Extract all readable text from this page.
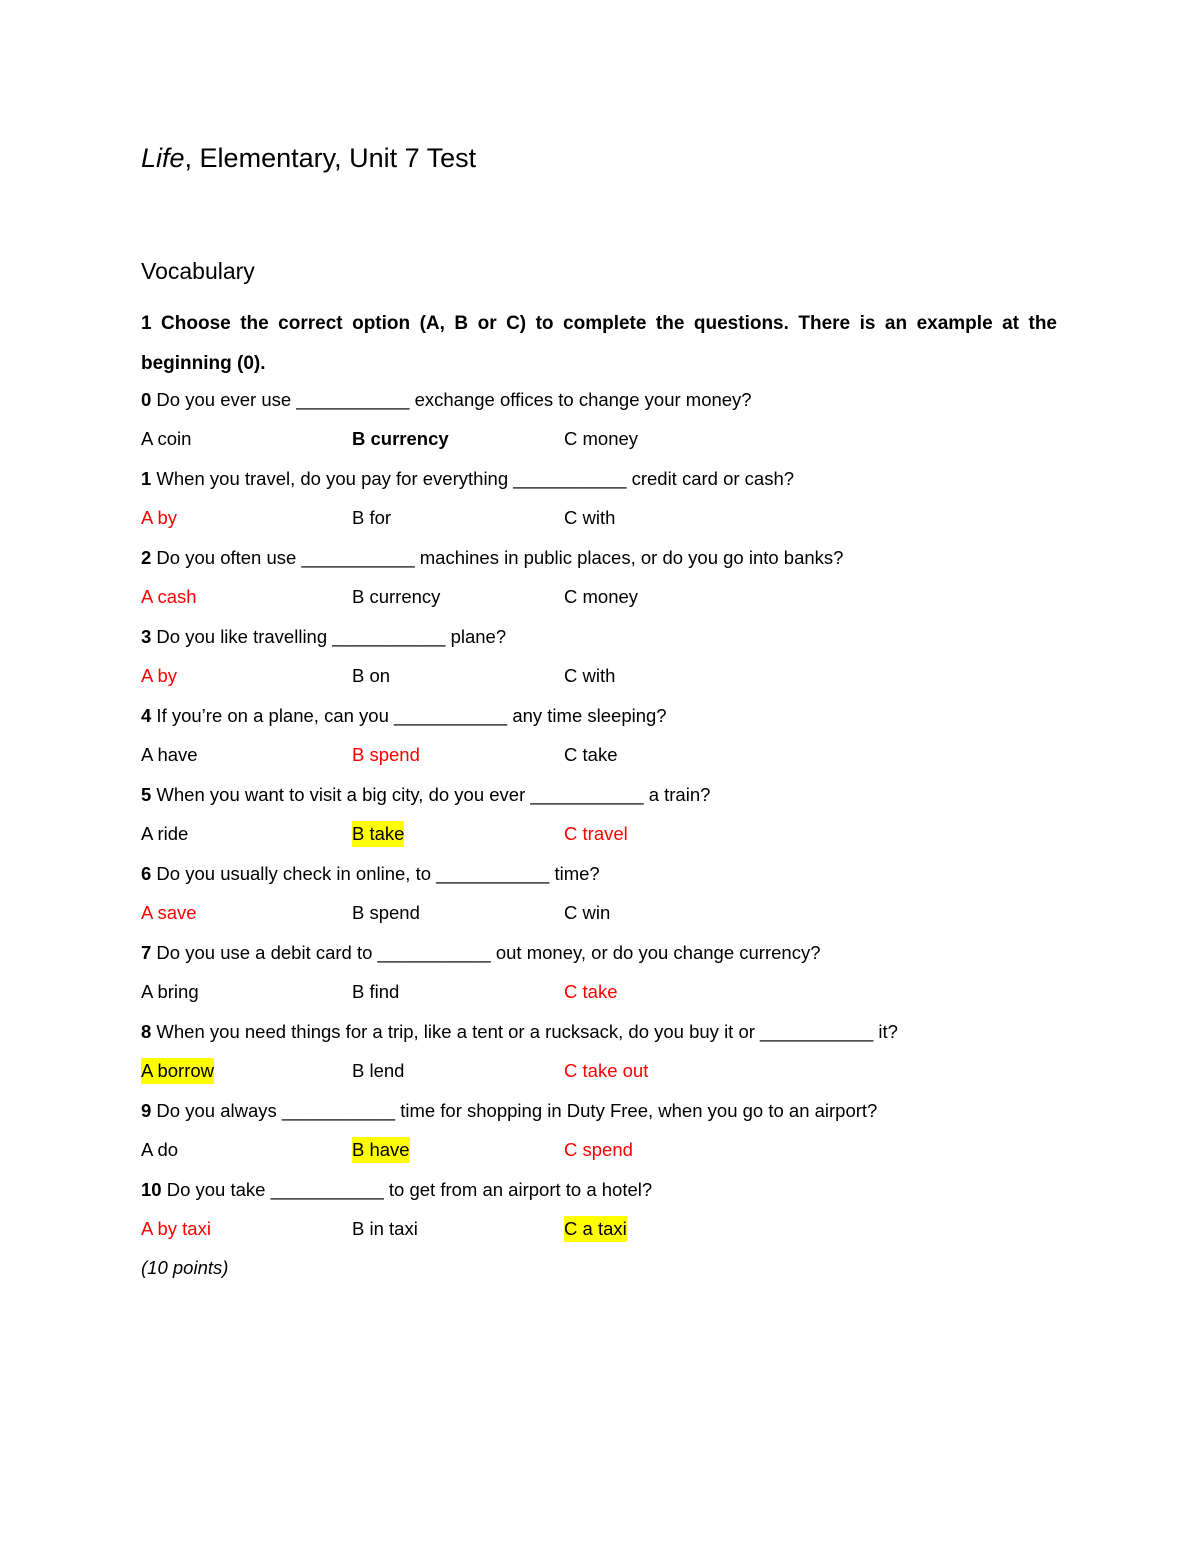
Life, Elementary, Unit 7 Test
Vocabulary
1 Choose the correct option (A, B or C) to complete the questions. There is an example at the beginning (0).
0 Do you ever use ___________ exchange offices to change your money?
A coin	B currency	C money
1 When you travel, do you pay for everything ___________ credit card or cash?
A by	B for	C with
2 Do you often use ___________ machines in public places, or do you go into banks?
A cash	B currency	C money
3 Do you like travelling ___________ plane?
A by	B on	C with
4 If you’re on a plane, can you ___________ any time sleeping?
A have	B spend	C take
5 When you want to visit a big city, do you ever ___________ a train?
A ride	B take	C travel
6 Do you usually check in online, to ___________ time?
A save	B spend	C win
7 Do you use a debit card to ___________ out money, or do you change currency?
A bring	B find	C take
8 When you need things for a trip, like a tent or a rucksack, do you buy it or ___________ it?
A borrow	B lend	C take out
9 Do you always ___________ time for shopping in Duty Free, when you go to an airport?
A do	B have	C spend
10 Do you take ___________ to get from an airport to a hotel?
A by taxi	B in taxi	C a taxi
(10 points)
